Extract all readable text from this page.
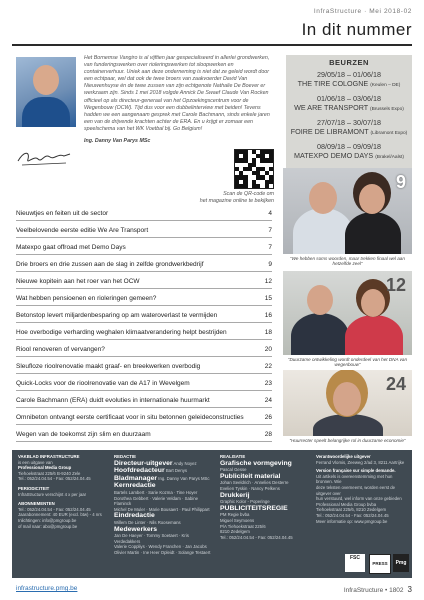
InfraStructure · Mei 2018-02
In dit nummer

Het Bornemse Vangiro is al vijftien jaar gespecialiseerd in allerlei grondwerken, van funderingswerken over rioleringswerken tot sloopwerken en containerverhuur. Uniek aan deze onderneming is niet dat ze geleid wordt door een echtpaar, wel dat ook de twee broers van zaakvoerder David Van Nieuwenhuyse én de twee zussen van zijn echtgenote Nathalie De Boever er werkzaam zijn. Sinds 1 mei 2018 volgde Annick De Swaef Claude Van Rocken officieel op als directeur-generaal van het Opzoekingscentrum voor de Wegenbouw (OCW). Tijd dus voor een dubbelinterview met beiden! Tevens hadden we een aangenaam gesprek met Carole Bachmann, sinds enkele jaren een van de drijvende krachten achter de ERA. En u krijgt er zomaar een speelschema van het WK Voetbal bij. Go Belgium!

Ing. Danny Van Parys MSc
Scan de QR-code om
het magazine online te bekijken
BEURZEN
29/05/18 – 01/06/18
THE TIRE COLOGNE (Keulen – DE)
01/06/18 – 03/06/18
WE ARE TRANSPORT (Brussels Expo)
27/07/18 – 30/07/18
FOIRE DE LIBRAMONT (Libramont Expo)
08/09/18 – 09/09/18
MATEXPO DEMO DAYS (Brakel/Aalst)
Nieuwtjes en feiten uit de sector	4
Veelbelovende eerste editie We Are Transport	7
Matexpo gaat offroad met Demo Days	7
Drie broers en drie zussen aan de slag in zelfde grondwerkbedrijf	9
Nieuwe kopitein aan het roer van het OCW	12
Wat hebben pensioenen en rioleringen gemeen?	15
Betonstop levert miljardenbesparing op am wateroverlast te vermijden	16
Hoe overbodige verharding weghalen klimaatverandering helpt bestrijden	18
Riool renoveren of vervangen?	20
Sleufloze rioolrenovatie maakt graaf- en breekwerken overbodig	22
Quick-Locks voor de rioolrenovatie van de A17 in Wevelgem	23
Carole Bachmann (ERA) duidt evoluties in internationale huurmarkt	24
Omnibeton ontvangt eerste certificaat voor in situ betonnen geleideconstructies	26
Wegen van de toekomst zijn slim en duurzaam	28
9
“We hebben soms woorden, maar trekken finaal wel aan hetzelfde zeel”
12
“Duurzame ontwikkeling wordt onderdeel van het DNA van wegenbouw”
24
“Huurrecter speelt belangrijke rol in duurzame economie”
VAKBLAD INFRASTRUCTURE
is een uitgave van
Professional Media Group
Tiehoekstraat 225/6 B-9240 Zele
Tel.: 052/24.04.54 - Fax: 052/24.04.45
PERIODICITEIT
InfraStructure verschijnt 4 x per jaar
ABONNEMENTEN
Tel.: 052/24.04.54 - Fax: 052/24.04.45
Jaarabonnement: 40 EUR (excl. btw) - 4 nrs
Inlichtingen: info@pmgroup.be
of mail naar: abo@pmgroup.be
REDACTIE
Directeur-uitgever Andy Noyez
Hoofdredacteur Bart Denys
Bladmanager Ing. Danny Van Parys MSc
Kernredactie
Bartels Lambert · Sarie Kozma · Tine Hoyer
Dorothea Gebbert · Valerie Veldam · Sabine Flaminck
Michel De Muler · Marie Bousaert · Paul Philippart
Eindredactie
Willem De Linter · Nils Roosemans
Medewerkers
Jan De Haeyer · Tommy Soetaert · Kris Verdedakkers
Valerie Coppliys · Wendy Franchen · Jan Jacobs
Olivier Martin · Ine Heer Opleidt · Solange Testaert
REALISATIE
Grafische vormgeving
Pascal Gesse
Publiciteit material
Johan Seeldrich · Annelies Desterre
Evelien Tyskin · Nancy Pelkens
Drukkerij
Graphic Kolor - Poperinge
PUBLICITEITSREGIE
PM Regie bvba
Miguel Seymoens
P/A Tiehoekstraat 225/6
8210 Zedelgem
Tel.: 052/24.04.54 - Fax: 052/24.04.45
Verantwoordelijke uitgever
Ferrand Vlomis, Zeeweg 2/ad 3, 8211 Aartrijke
Version française sur simple demande.
Uit artikels is overeenstemming met hun bronnen. Wie
deze teksten overneemt, worden eerst de uitgever over
hun verstuurd, wel inform van onze gebieden
Professional Media Group bvba
Tiehoekstraat 225/6, 8210 Zedelgem
Tel.: 052/24.04.54 - Fax: 052/24.04.45
Meer informatie op: www.pmgroup.be
FSC
PRESS	Pmg
infrastructure.pmg.be	InfraStructure • 1802 3
